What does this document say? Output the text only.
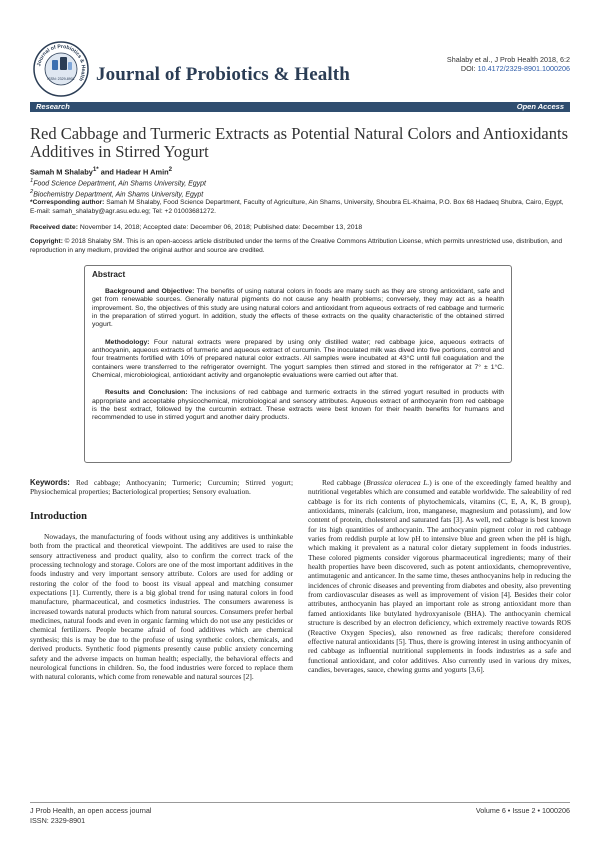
Journal of Probiotics & Health
ISSN: 2329-8901 Journal of Probiotics & Health
Shalaby et al., J Prob Health 2018, 6:2
DOI: 10.4172/2329-8901.1000206
Research	Open Access
Red Cabbage and Turmeric Extracts as Potential Natural Colors and Antioxidants Additives in Stirred Yogurt
Samah M Shalaby$^{1*}$ and Hadear H Amin$^2$
$^1$Food Science Department, Ain Shams University, Egypt
$^2$Biochemistry Department, Ain Shams University, Egypt
*Corresponding author: Samah M Shalaby, Food Science Department, Faculty of Agriculture, Ain Shams, University, Shoubra EL-Khaima, P.O. Box 68 Hadaeq Shubra, Cairo, Egypt, E-mail: samah_shalaby@agr.asu.edu.eg; Tel: +2 01003681272.
Received date: November 14, 2018; Accepted date: December 06, 2018; Published date: December 13, 2018
Copyright: © 2018 Shalaby SM. This is an open-access article distributed under the terms of the Creative Commons Attribution License, which permits unrestricted use, distribution, and reproduction in any medium, provided the original author and source are credited.
Abstract

Background and Objective: The benefits of using natural colors in foods are many such as they are strong antioxidant, safe and get from renewable sources. Generally natural pigments do not cause any health problems; conversely, they may act as a health improvement. So, the objectives of this study are using natural colors and antioxidant from aqueous extracts of red cabbage and turmeric in the preparation of stirred yogurt. In addition, study the effects of these extracts on the quality characteristic of the obtained stirred yogurt.

Methodology: Four natural extracts were prepared by using only distilled water; red cabbage juice, aqueous extracts of anthocyanin, aqueous extracts of turmeric and aqueous extract of curcumin. The inoculated milk was dived into five portions, control and four treatments fortified with 10% of prepared natural color extracts. All samples were incubated at 43°C until full coagulation and the containers were transferred to the refrigerator overnight. The yogurt samples then stirred and stored in the refrigerator at 7° ± 1°C. Chemical, microbiological, antioxidant activity and organoleptic evaluations were carried out after that.

Results and Conclusion: The inclusions of red cabbage and turmeric extracts in the stirred yogurt resulted in products with appropriate and acceptable physicochemical, microbiological and sensory attributes. Aqueous extract of anthocyanin from red cabbage is the best extract, followed by the curcumin extract. These extracts were best known for their health benefits for humans and recommended to use in stirred yogurt and another dairy products.

Keywords: Red cabbage; Anthocyanin; Turmeric; Curcumin; Stirred yogurt; Physiochemical properties; Bacteriological properties; Sensory evaluation.

Introduction

Nowadays, the manufacturing of foods without using any additives is unthinkable both from the practical and theoretical viewpoint. The additives are used to raise the sensory attractiveness and product quality, also to confirm the correct track of the processing technology and storage. Colors are one of the most important additives in the foods industry and very important sensory attribute. Colors are used for adding or restoring the color of the food to boost its visual appeal and matching consumer expectations [1]. Currently, there is a big global trend for using natural colors in food manufacture, pharmaceutical, and cosmetics industries. The consumers awareness is increased towards natural products which from natural sources. Consumers prefer herbal medicines, natural foods and even in organic farming which do not use any pesticides or chemical fertilizers. People became afraid of food additives which are chemical synthesis; this is may be due to the profuse of using synthetic colors, chemicals, and derived products. Synthetic food pigments presently cause public anxiety concerning safety and the adverse impacts on human health; especially, the behavioral effects and neurological functions in children. So, the food industries were forced to replace them with natural colorants, which come from renewable and natural sources [2].

Red cabbage (Brassica oleracea L.) is one of the exceedingly famed healthy and nutritional vegetables which are consumed and eatable worldwide. The saleability of red cabbage is for its rich contents of phytochemicals, vitamins (C, E, A, K, B group), antioxidants, minerals (calcium, iron, manganese, magnesium and potassium), and low content of protein, cholesterol and saturated fats [3]. As well, red cabbage is best known for its high quantities of anthocyanin. The anthocyanin pigment color in red cabbage varies from reddish purple at low pH to intensive blue and green when the pH is high, which making it prevalent as a natural color dietary supplement in foods industries. These colored pigments consider vigorous pharmaceutical ingredients; many of their health properties have been discovered, such as potent antioxidants, chemopreventive, antimutagenic and anticancer. In the same time, theses anthocyanins help in reducing the incidences of chronic diseases and preventing from diabetes and obesity, also preventing from cardiovascular diseases as well as improvement of vision [4]. Besides their color attributes, anthocyanin has played an important role as strong antioxidant more than famed antioxidants like butylated hydroxyanisole (BHA). The anthocyanin chemical structure is described by an electron deficiency, which extremely reactive towards ROS (Reactive Oxygen Species), also renowned as free radicals; therefore considered effective natural antioxidants [5]. Thus, there is growing interest in using anthocyanin of red cabbage as influential nutritional supplements in foods industries as a safe and functional antioxidant, and color additives. Also currently used in various dry mixes, candies, beverages, sauce, chewing gums and yogurts [3,6].

J Prob Health, an open access journal
ISSN: 2329-8901
Volume 6 • Issue 2 • 1000206
